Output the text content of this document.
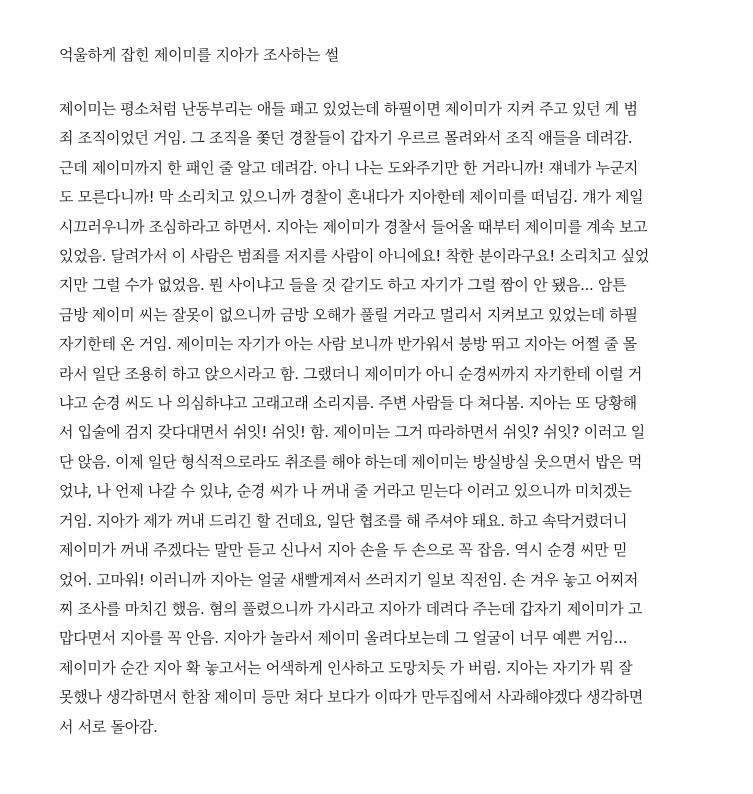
억울하게 잡힌 제이미를 지아가 조사하는 썰
제이미는 평소처럼 난동부리는 애들 패고 있었는데 하필이면 제이미가 지켜 주고 있던 게 범
죄 조직이었던 거임. 그 조직을 쫓던 경찰들이 갑자기 우르르 몰려와서 조직 애들을 데려감.
근데 제이미까지 한 패인 줄 알고 데려감. 아니 나는 도와주기만 한 거라니까! 쟤네가 누군지
도 모른다니까! 막 소리치고 있으니까 경찰이 혼내다가 지아한테 제이미를 떠넘김. 걔가 제일
시끄러우니까 조심하라고 하면서. 지아는 제이미가 경찰서 들어올 때부터 제이미를 계속 보고
있었음. 달려가서 이 사람은 범죄를 저지를 사람이 아니에요! 착한 분이라구요! 소리치고 싶었
지만 그럴 수가 없었음. 뭔 사이냐고 들을 것 같기도 하고 자기가 그럴 짬이 안 됐음... 암튼
금방 제이미 씨는 잘못이 없으니까 금방 오해가 풀릴 거라고 멀리서 지켜보고 있었는데 하필
자기한테 온 거임. 제이미는 자기가 아는 사람 보니까 반가워서 붕방 뛰고 지아는 어쩔 줄 몰
라서 일단 조용히 하고 앉으시라고 함. 그랬더니 제이미가 아니 순경씨까지 자기한테 이럴 거
냐고 순경 씨도 나 의심하냐고 고래고래 소리지름. 주변 사람들 다 쳐다봄. 지아는 또 당황해
서 입술에 검지 갖다대면서 쉬잇! 쉬잇! 함. 제이미는 그거 따라하면서 쉬잇? 쉬잇? 이러고 일
단 앉음. 이제 일단 형식적으로라도 취조를 해야 하는데 제이미는 방실방실 웃으면서 밥은 먹
었냐, 나 언제 나갈 수 있냐, 순경 씨가 나 꺼내 줄 거라고 믿는다 이러고 있으니까 미치겠는
거임. 지아가 제가 꺼내 드리긴 할 건데요, 일단 협조를 해 주셔야 돼요. 하고 속닥거렸더니
제이미가 꺼내 주겠다는 말만 듣고 신나서 지아 손을 두 손으로 꼭 잡음. 역시 순경 씨만 믿
었어. 고마워! 이러니까 지아는 얼굴 새빨게져서 쓰러지기 일보 직전임. 손 겨우 놓고 어찌저
찌 조사를 마치긴 했음. 혐의 풀렸으니까 가시라고 지아가 데려다 주는데 갑자기 제이미가 고
맙다면서 지아를 꼭 안음. 지아가 놀라서 제이미 올려다보는데 그 얼굴이 너무 예쁜 거임...
제이미가 순간 지아 확 놓고서는 어색하게 인사하고 도망치듯 가 버림. 지아는 자기가 뭐 잘
못했나 생각하면서 한참 제이미 등만 쳐다 보다가 이따가 만두집에서 사과해야겠다 생각하면
서 서로 돌아감.
